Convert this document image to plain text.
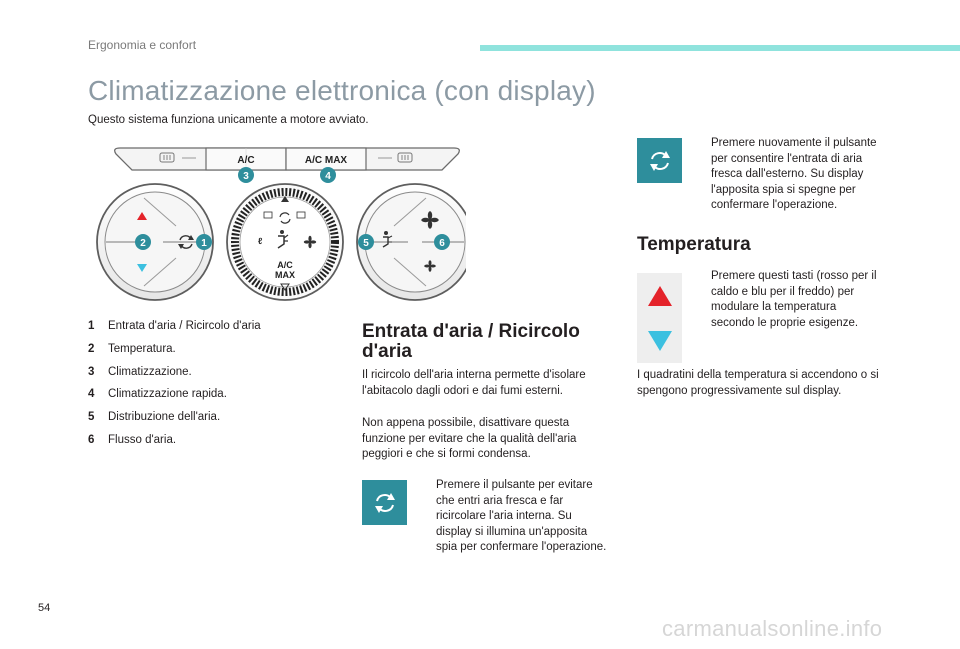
Ergonomia e confort
Climatizzazione elettronica (con display)
Questo sistema funziona unicamente a motore avviato.
A/C	A/C MAX
3	4
2	1	ℓ
A/C
MAX
5	6
1	Entrata d'aria / Ricircolo d'aria
2	Temperatura.
3	Climatizzazione.
4	Climatizzazione rapida.
5	Distribuzione dell'aria.
6	Flusso d'aria.
Entrata d'aria / Ricircolo d'aria

Il ricircolo dell'aria interna permette d'isolare l'abitacolo dagli odori e dai fumi esterni.

Non appena possibile, disattivare questa funzione per evitare che la qualità dell'aria peggiori e che si formi condensa.

Premere il pulsante per evitare che entri aria fresca e far ricircolare l'aria interna. Su display si illumina un'apposita spia per confermare l'operazione.
Premere nuovamente il pulsante per consentire l'entrata di aria fresca dall'esterno. Su display l'apposita spia si spegne per confermare l'operazione.
Temperatura
Premere questi tasti (rosso per il caldo e blu per il freddo) per modulare la temperatura secondo le proprie esigenze.

I quadratini della temperatura si accendono o si spengono progressivamente sul display.

54
carmanualsonline.info
